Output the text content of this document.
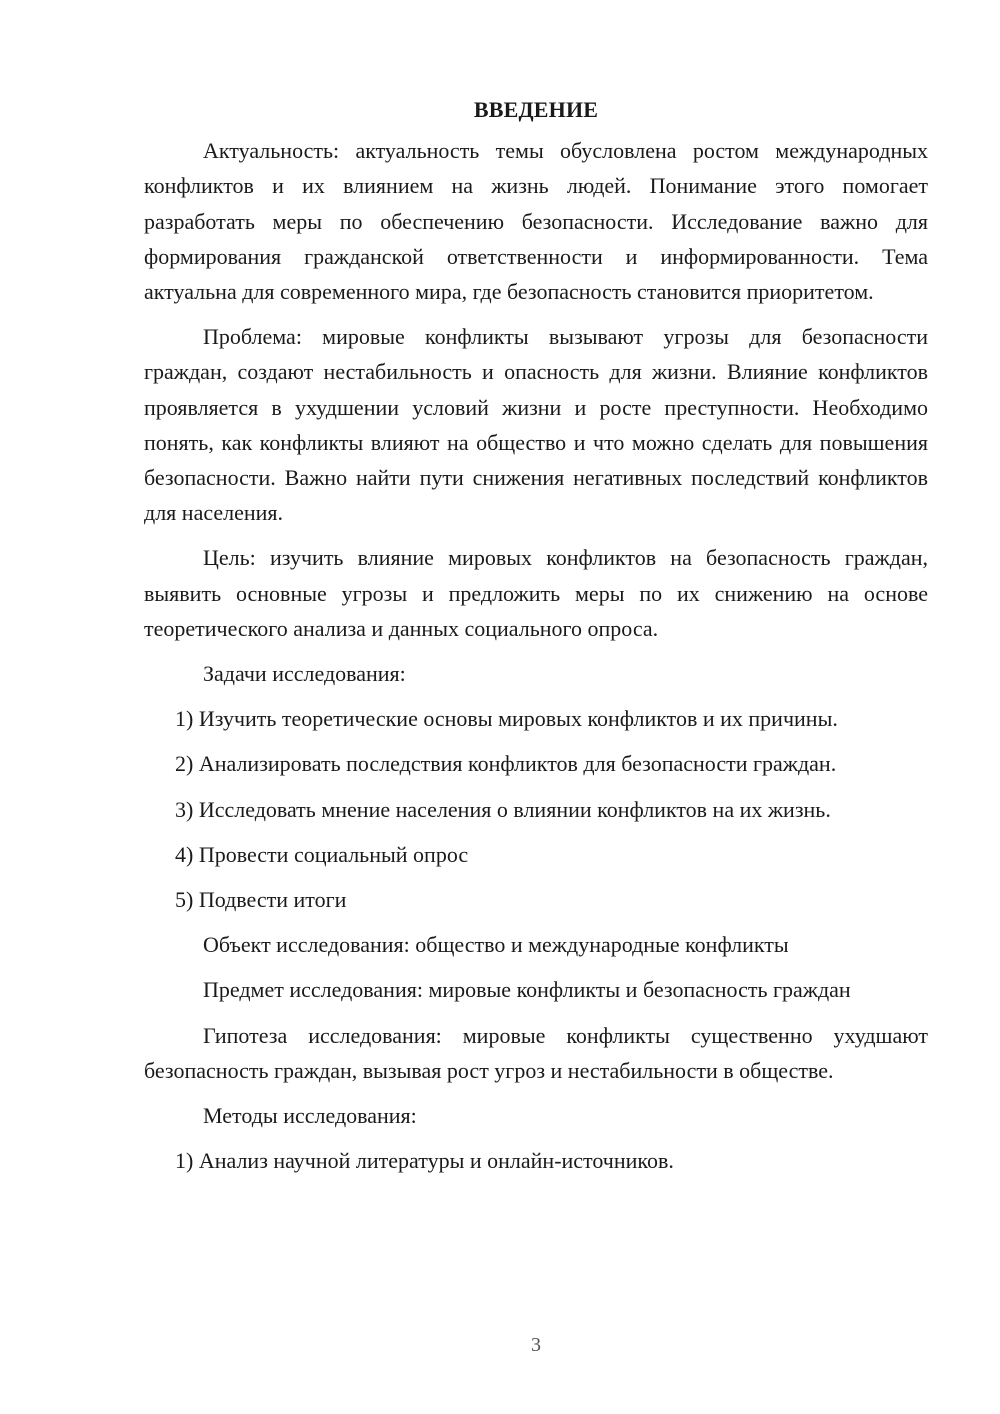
ВВЕДЕНИЕ
Актуальность: актуальность темы обусловлена ростом международных конфликтов и их влиянием на жизнь людей. Понимание этого помогает разработать меры по обеспечению безопасности. Исследование важно для формирования гражданской ответственности и информированности. Тема актуальна для современного мира, где безопасность становится приоритетом.
Проблема: мировые конфликты вызывают угрозы для безопасности граждан, создают нестабильность и опасность для жизни. Влияние конфликтов проявляется в ухудшении условий жизни и росте преступности. Необходимо понять, как конфликты влияют на общество и что можно сделать для повышения безопасности. Важно найти пути снижения негативных последствий конфликтов для населения.
Цель: изучить влияние мировых конфликтов на безопасность граждан, выявить основные угрозы и предложить меры по их снижению на основе теоретического анализа и данных социального опроса.
Задачи исследования:
1) Изучить теоретические основы мировых конфликтов и их причины.
2) Анализировать последствия конфликтов для безопасности граждан.
3) Исследовать мнение населения о влиянии конфликтов на их жизнь.
4) Провести социальный опрос
5) Подвести итоги
Объект исследования: общество и международные конфликты
Предмет исследования: мировые конфликты и безопасность граждан
Гипотеза исследования: мировые конфликты существенно ухудшают безопасность граждан, вызывая рост угроз и нестабильности в обществе.
Методы исследования:
1) Анализ научной литературы и онлайн-источников.
3
